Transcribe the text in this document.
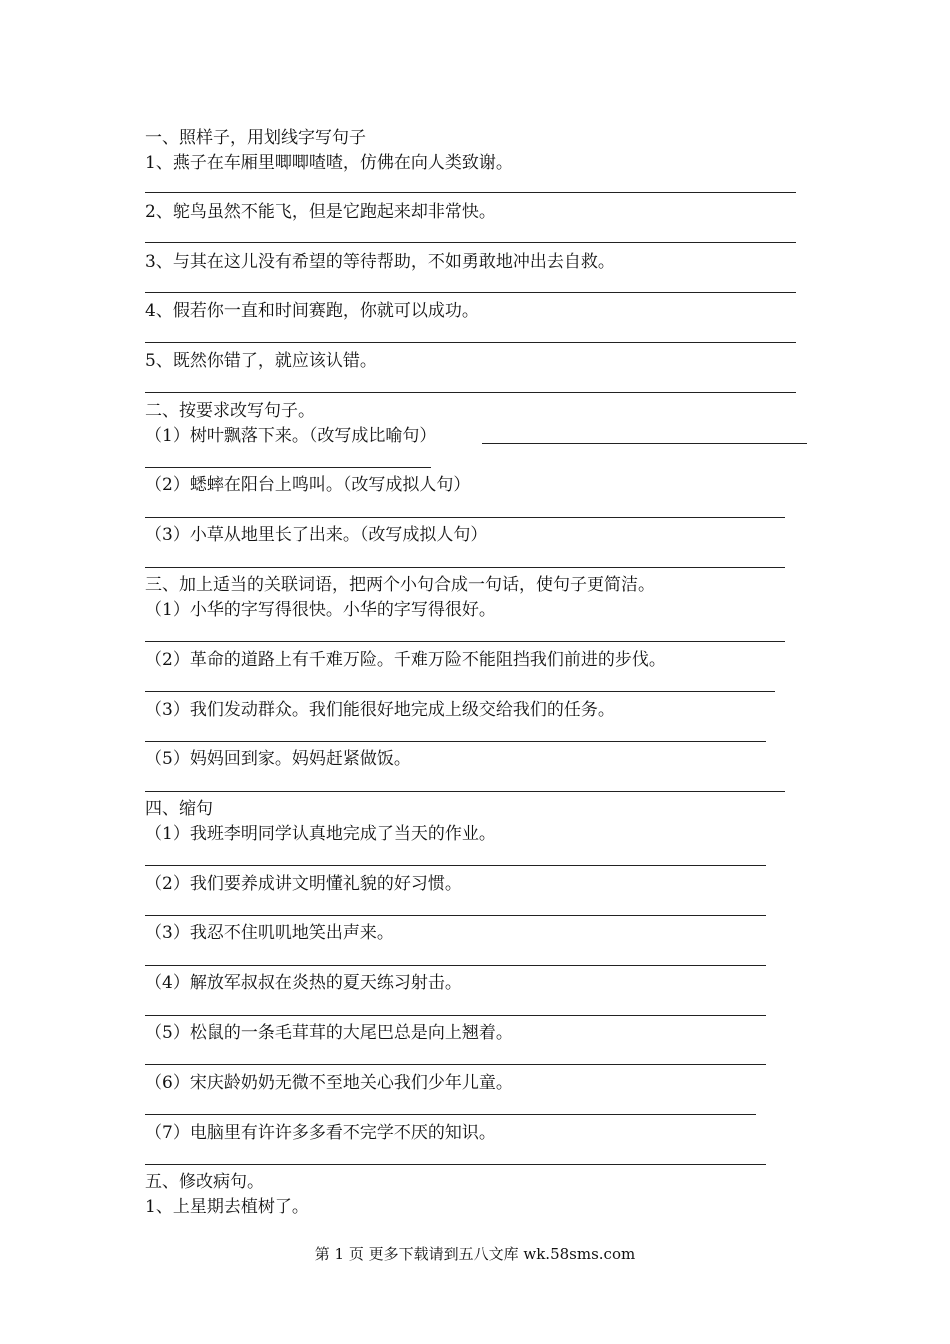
一、照样子，用划线字写句子
1、燕子在车厢里唧唧喳喳，仿佛在向人类致谢。
2、鸵鸟虽然不能飞，但是它跑起来却非常快。
3、与其在这儿没有希望的等待帮助，不如勇敢地冲出去自救。
4、假若你一直和时间赛跑，你就可以成功。
5、既然你错了，就应该认错。
二、按要求改写句子。
（1）树叶飘落下来。（改写成比喻句）
（2）蟋蟀在阳台上鸣叫。（改写成拟人句）
（3）小草从地里长了出来。（改写成拟人句）
三、加上适当的关联词语，把两个小句合成一句话，使句子更简洁。
（1）小华的字写得很快。小华的字写得很好。
（2）革命的道路上有千难万险。千难万险不能阻挡我们前进的步伐。
（3）我们发动群众。我们能很好地完成上级交给我们的任务。
（5）妈妈回到家。妈妈赶紧做饭。
四、缩句
（1）我班李明同学认真地完成了当天的作业。
（2）我们要养成讲文明懂礼貌的好习惯。
（3）我忍不住叽叽地笑出声来。
（4）解放军叔叔在炎热的夏天练习射击。
（5）松鼠的一条毛茸茸的大尾巴总是向上翘着。
（6）宋庆龄奶奶无微不至地关心我们少年儿童。
（7）电脑里有许许多多看不完学不厌的知识。
五、修改病句。
1、上星期去植树了。
第 1 页 更多下载请到五八文库 wk.58sms.com
